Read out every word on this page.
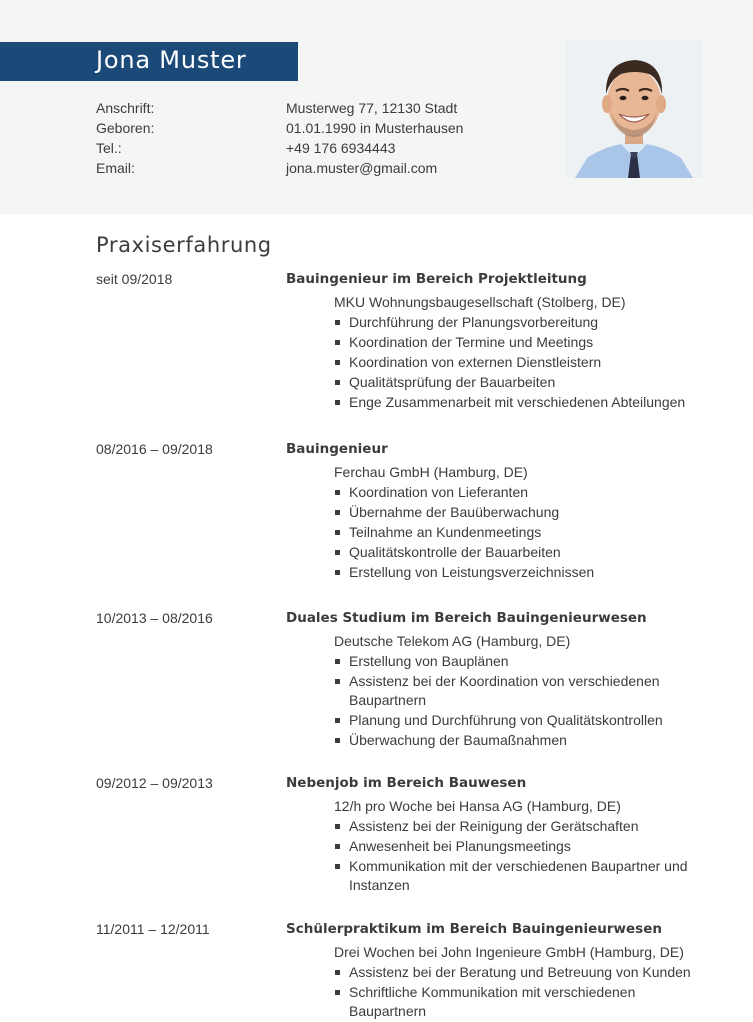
Jona Muster
Anschrift:	Musterweg 77, 12130 Stadt
Geboren:	01.01.1990 in Musterhausen
Tel.:	+49 176 6934443
Email:	jona.muster@gmail.com
Praxiserfahrung
seit 09/2018	Bauingenieur im Bereich Projektleitung
MKU Wohnungsbaugesellschaft (Stolberg, DE)
Durchführung der Planungsvorbereitung
Koordination der Termine und Meetings
Koordination von externen Dienstleistern
Qualitätsprüfung der Bauarbeiten
Enge Zusammenarbeit mit verschiedenen Abteilungen
08/2016 – 09/2018	Bauingenieur
Ferchau GmbH (Hamburg, DE)
Koordination von Lieferanten
Übernahme der Bauüberwachung
Teilnahme an Kundenmeetings
Qualitätskontrolle der Bauarbeiten
Erstellung von Leistungsverzeichnissen
10/2013 – 08/2016	Duales Studium im Bereich Bauingenieurwesen
Deutsche Telekom AG (Hamburg, DE)
Erstellung von Bauplänen
Assistenz bei der Koordination von verschiedenen Baupartnern
Planung und Durchführung von Qualitätskontrollen
Überwachung der Baumaßnahmen
09/2012 – 09/2013	Nebenjob im Bereich Bauwesen
12/h pro Woche bei Hansa AG (Hamburg, DE)
Assistenz bei der Reinigung der Gerätschaften
Anwesenheit bei Planungsmeetings
Kommunikation mit der verschiedenen Baupartner und Instanzen
11/2011 – 12/2011	Schülerpraktikum im Bereich Bauingenieurwesen
Drei Wochen bei John Ingenieure GmbH (Hamburg, DE)
Assistenz bei der Beratung und Betreuung von Kunden
Schriftliche Kommunikation mit verschiedenen Baupartnern
